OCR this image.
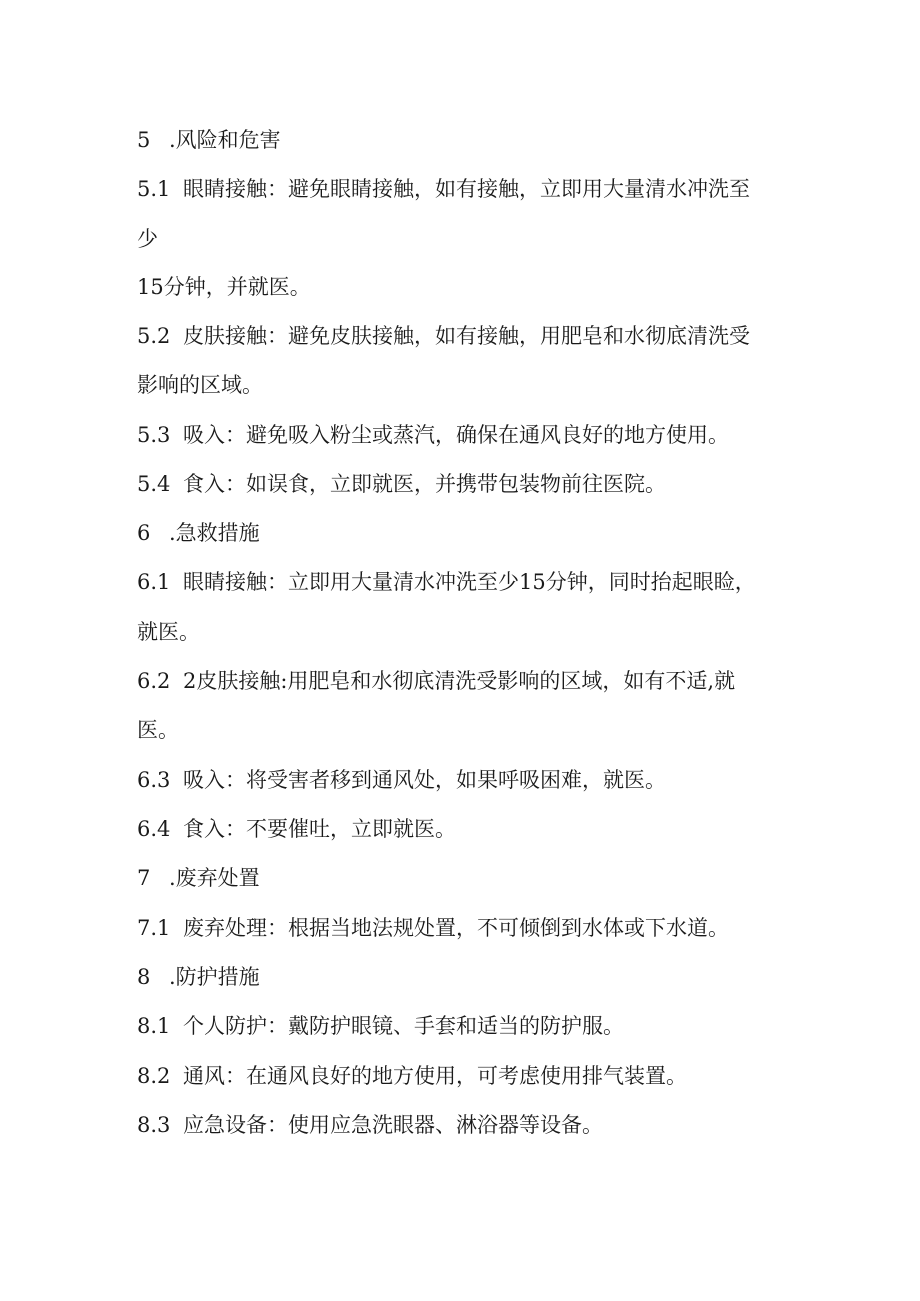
5 .风险和危害
5.1 眼睛接触：避免眼睛接触，如有接触，立即用大量清水冲洗至
少
15分钟，并就医。
5.2 皮肤接触：避免皮肤接触，如有接触，用肥皂和水彻底清洗受
影响的区域。
5.3 吸入：避免吸入粉尘或蒸汽，确保在通风良好的地方使用。
5.4 食入：如误食，立即就医，并携带包装物前往医院。
6 .急救措施
6.1 眼睛接触：立即用大量清水冲洗至少15分钟，同时抬起眼睑，
就医。
6.2 2皮肤接触:用肥皂和水彻底清洗受影响的区域，如有不适,就
医。
6.3 吸入：将受害者移到通风处，如果呼吸困难，就医。
6.4 食入：不要催吐，立即就医。
7 .废弃处置
7.1 废弃处理：根据当地法规处置，不可倾倒到水体或下水道。
8 .防护措施
8.1 个人防护：戴防护眼镜、手套和适当的防护服。
8.2 通风：在通风良好的地方使用，可考虑使用排气装置。
8.3 应急设备：使用应急洗眼器、淋浴器等设备。
